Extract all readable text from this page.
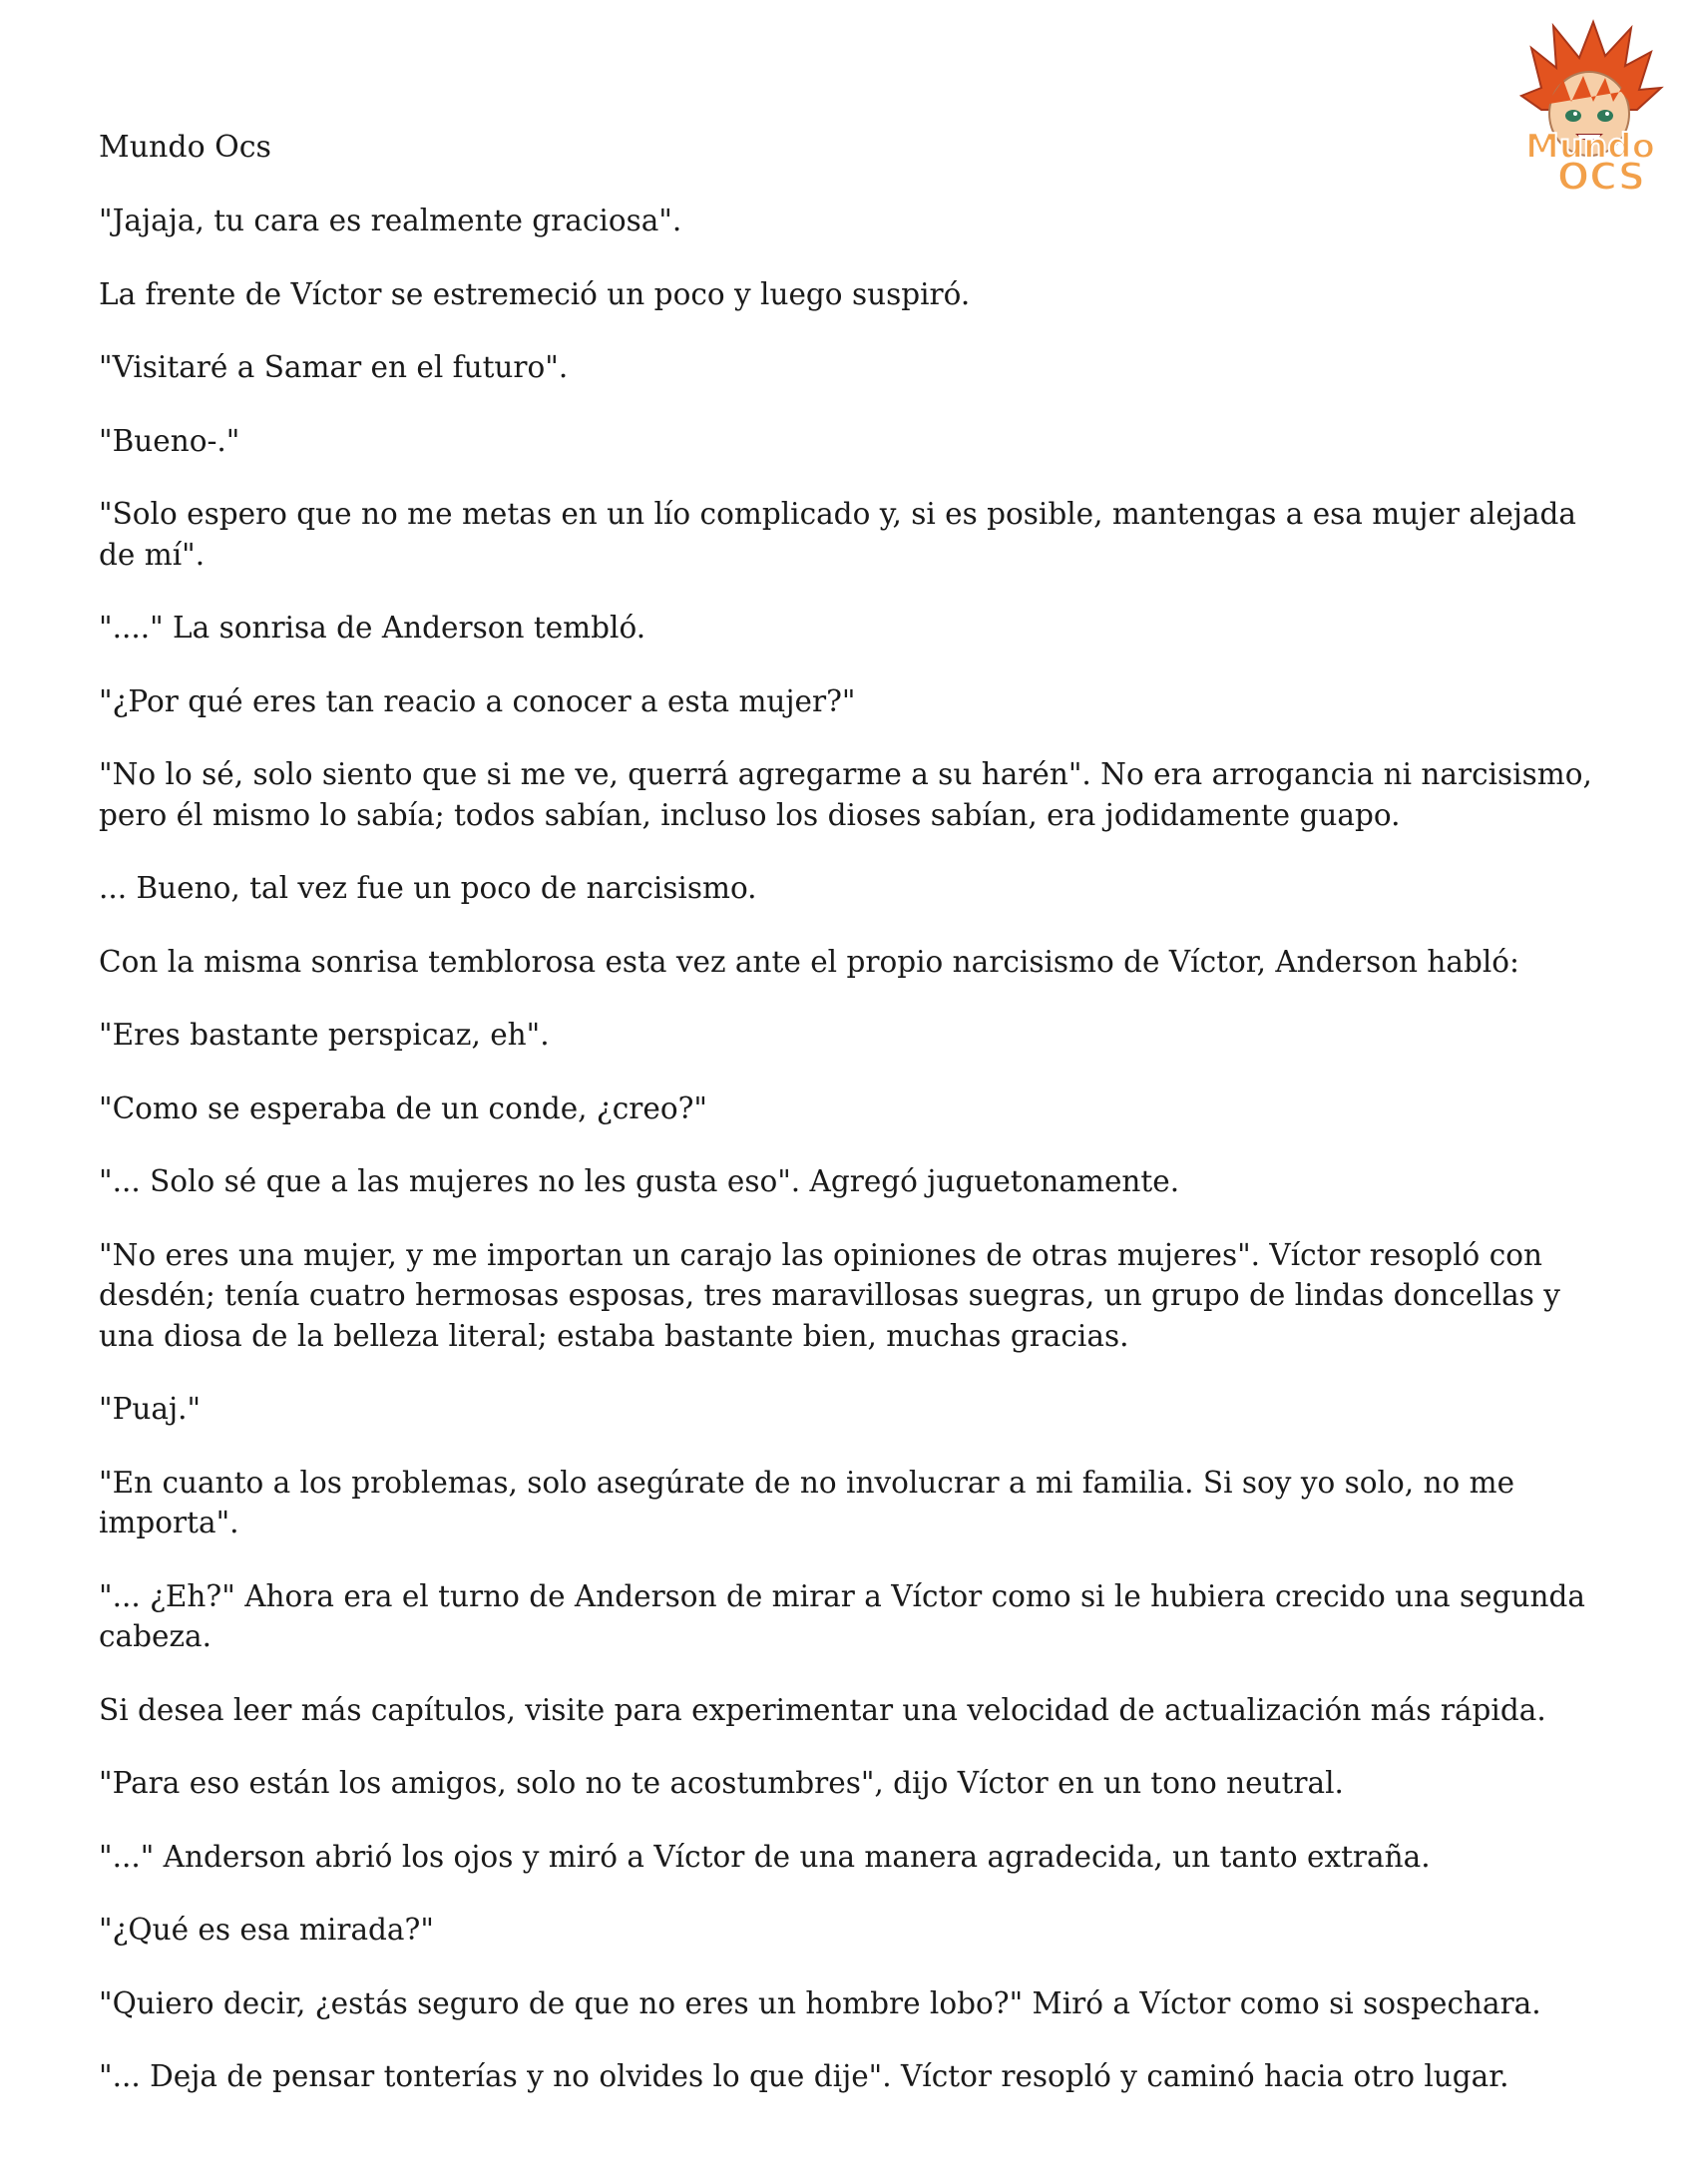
Mundo Ocs	Mundo
OCS

"Jajaja, tu cara es realmente graciosa".

La frente de Víctor se estremeció un poco y luego suspiró.

"Visitaré a Samar en el futuro".

"Bueno-."

"Solo espero que no me metas en un lío complicado y, si es posible, mantengas a esa mujer alejada de mí".

"...." La sonrisa de Anderson tembló.

"¿Por qué eres tan reacio a conocer a esta mujer?"

"No lo sé, solo siento que si me ve, querrá agregarme a su harén". No era arrogancia ni narcisismo, pero él mismo lo sabía; todos sabían, incluso los dioses sabían, era jodidamente guapo.

... Bueno, tal vez fue un poco de narcisismo.

Con la misma sonrisa temblorosa esta vez ante el propio narcisismo de Víctor, Anderson habló:

"Eres bastante perspicaz, eh".

"Como se esperaba de un conde, ¿creo?"

"... Solo sé que a las mujeres no les gusta eso". Agregó juguetonamente.

"No eres una mujer, y me importan un carajo las opiniones de otras mujeres". Víctor resopló con desdén; tenía cuatro hermosas esposas, tres maravillosas suegras, un grupo de lindas doncellas y una diosa de la belleza literal; estaba bastante bien, muchas gracias.

"Puaj."

"En cuanto a los problemas, solo asegúrate de no involucrar a mi familia. Si soy yo solo, no me importa".

"... ¿Eh?" Ahora era el turno de Anderson de mirar a Víctor como si le hubiera crecido una segunda cabeza.

Si desea leer más capítulos, visite para experimentar una velocidad de actualización más rápida.

"Para eso están los amigos, solo no te acostumbres", dijo Víctor en un tono neutral.

"..." Anderson abrió los ojos y miró a Víctor de una manera agradecida, un tanto extraña.

"¿Qué es esa mirada?"

"Quiero decir, ¿estás seguro de que no eres un hombre lobo?" Miró a Víctor como si sospechara.

"... Deja de pensar tonterías y no olvides lo que dije". Víctor resopló y caminó hacia otro lugar.
